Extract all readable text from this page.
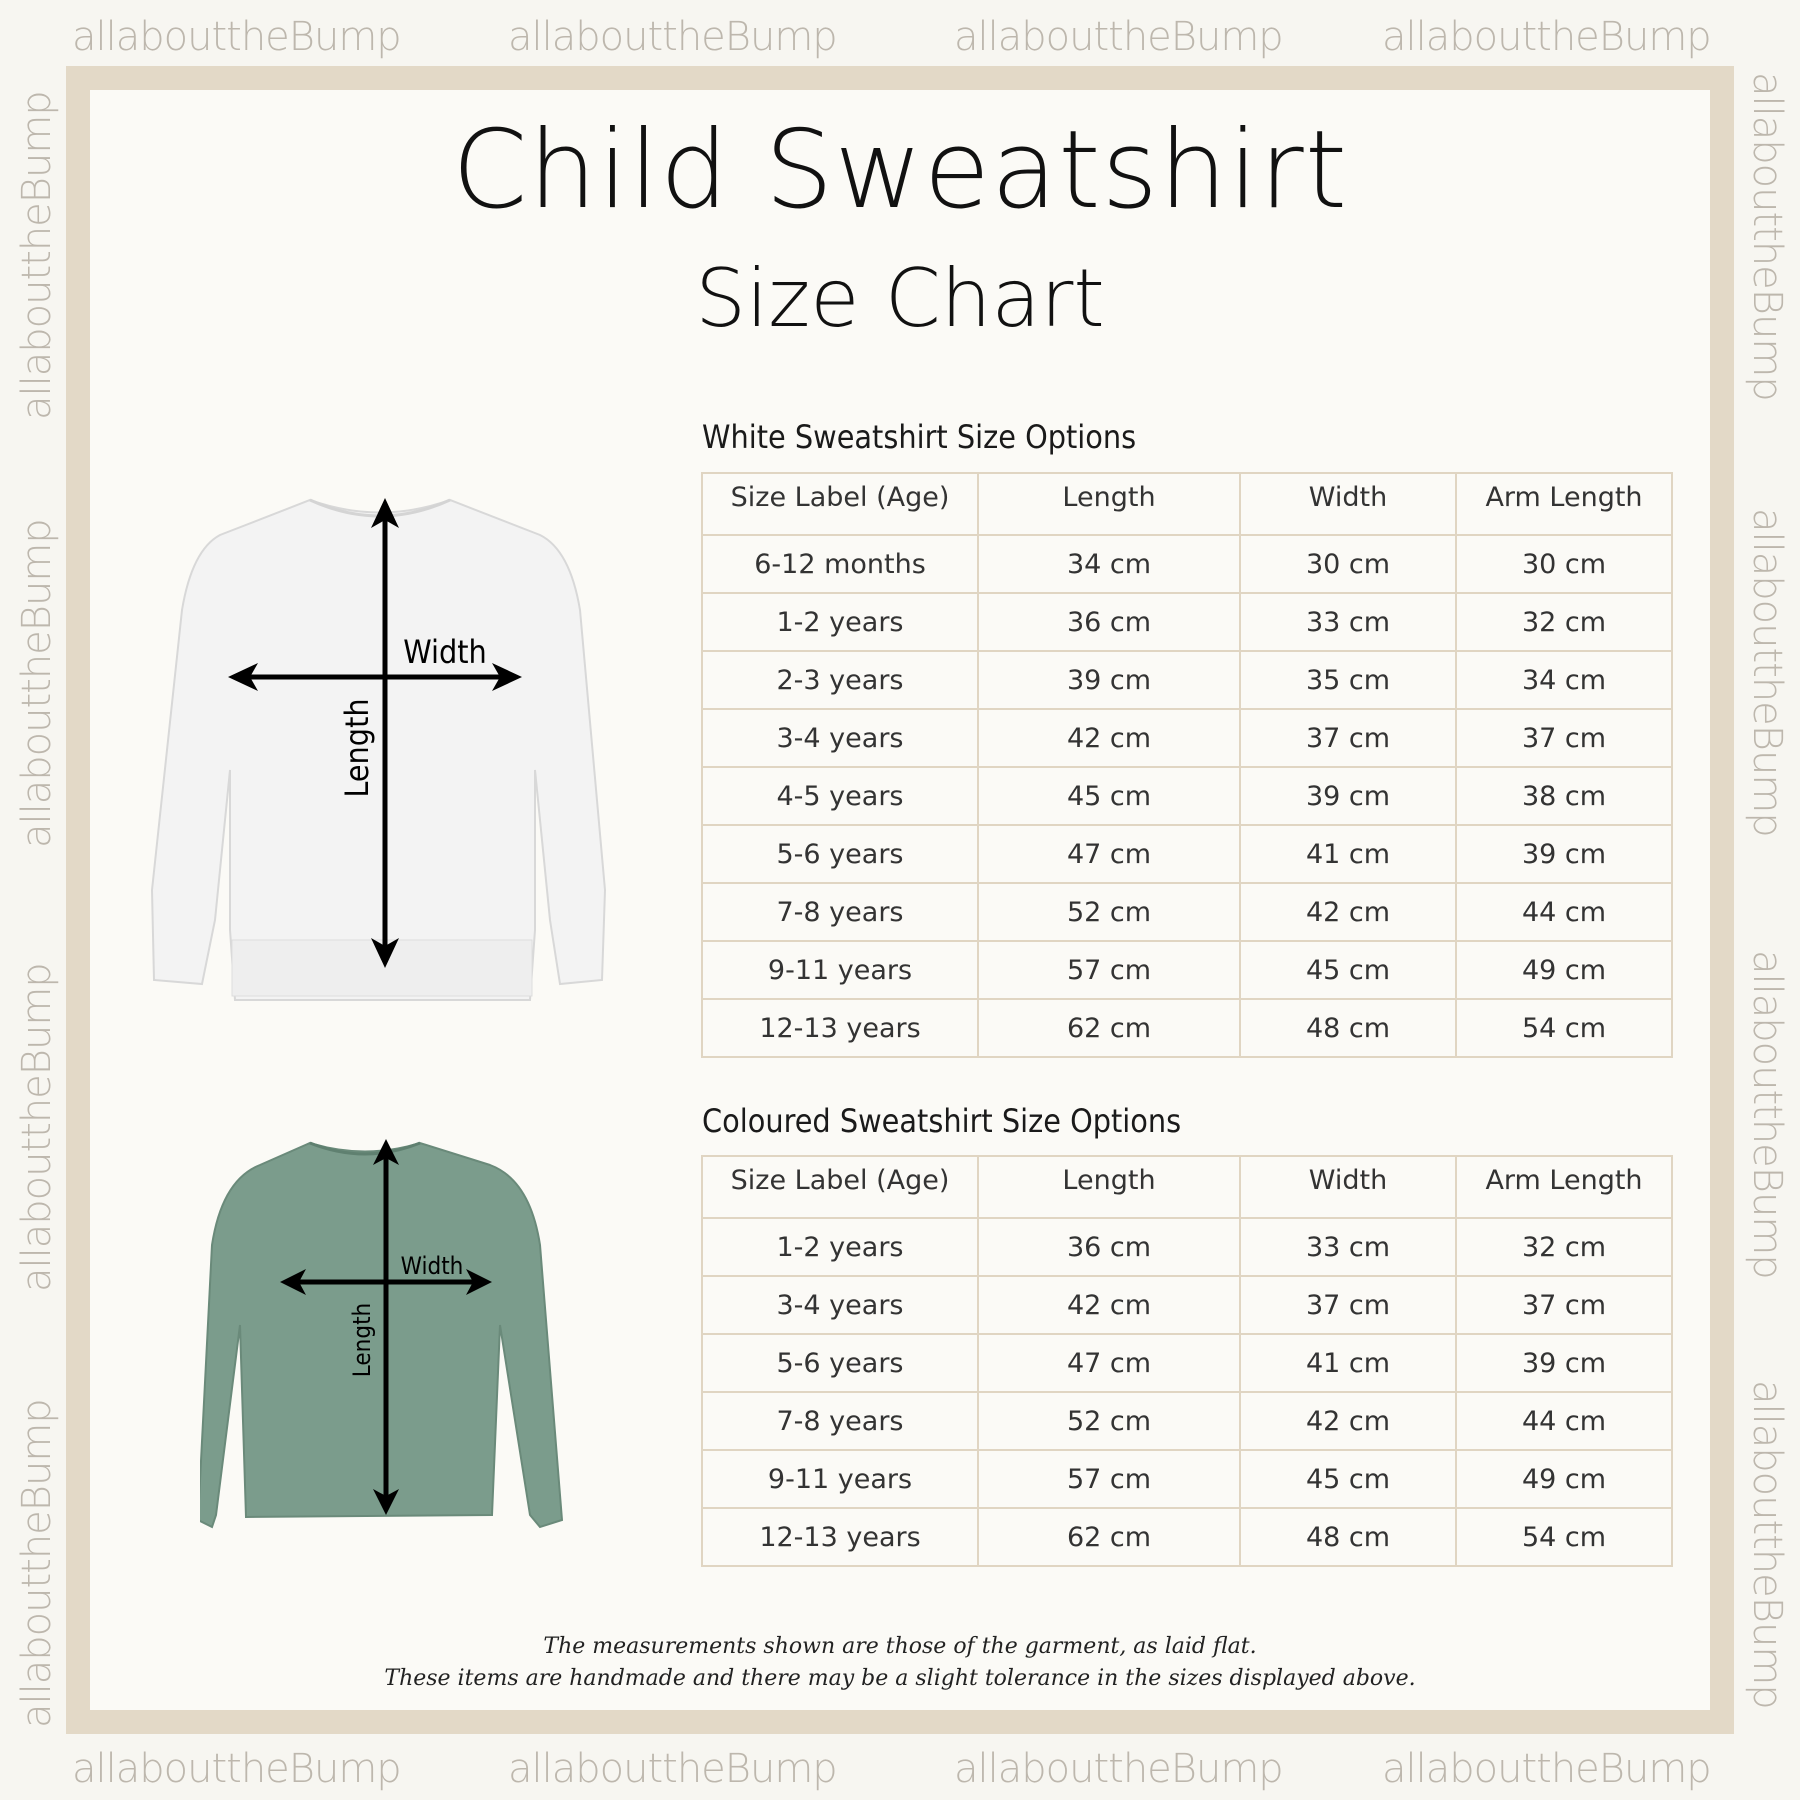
allabouttheBump	allabouttheBump	allabouttheBump allabouttheBump
allabouttheBump	allabouttheBump	allabouttheBump allabouttheBump
allabouttheBump
allabouttheBump
allabouttheBump
allabouttheBump
allabouttheBump
allabouttheBump
allabouttheBump
allabouttheBump
Child Sweatshirt
Size Chart
Width
Length
Width
Length
White Sweatshirt Size Options
Size Label (Age)	Length	Width	Arm Length
6-12 months	34 cm	30 cm	30 cm
1-2 years	36 cm	33 cm	32 cm
2-3 years	39 cm	35 cm	34 cm
3-4 years	42 cm	37 cm	37 cm
4-5 years	45 cm	39 cm	38 cm
5-6 years	47 cm	41 cm	39 cm
7-8 years	52 cm	42 cm	44 cm
9-11 years	57 cm	45 cm	49 cm
12-13 years	62 cm	48 cm	54 cm
Coloured Sweatshirt Size Options
Size Label (Age)	Length	Width	Arm Length
1-2 years	36 cm	33 cm	32 cm
3-4 years	42 cm	37 cm	37 cm
5-6 years	47 cm	41 cm	39 cm
7-8 years	52 cm	42 cm	44 cm
9-11 years	57 cm	45 cm	49 cm
12-13 years	62 cm	48 cm	54 cm
The measurements shown are those of the garment, as laid flat.
These items are handmade and there may be a slight tolerance in the sizes displayed above.
